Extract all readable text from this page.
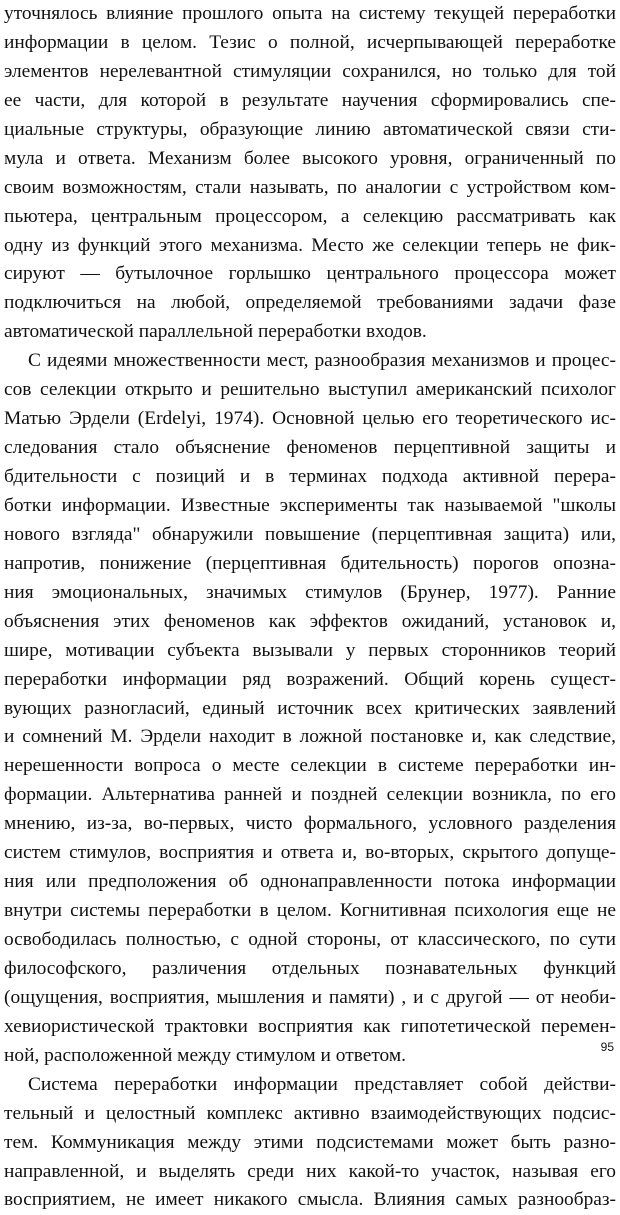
уточнялось влияние прошлого опыта на систему текущей переработки
информации в целом. Тезис о полной, исчерпывающей переработке
элементов нерелевантной стимуляции сохранился, но только для той
ее части, для которой в результате научения сформировались спе-
циальные структуры, образующие линию автоматической связи сти-
мула и ответа. Механизм более высокого уровня, ограниченный по
своим возможностям, стали называть, по аналогии с устройством ком-
пьютера, центральным процессором, а селекцию рассматривать как
одну из функций этого механизма. Место же селекции теперь не фик-
сируют — бутылочное горлышко центрального процессора может
подключиться на любой, определяемой требованиями задачи фазе
автоматической параллельной переработки входов.
С идеями множественности мест, разнообразия механизмов и процес-
сов селекции открыто и решительно выступил американский психолог
Матью Эрдели (Erdelyi, 1974). Основной целью его теоретического ис-
следования стало объяснение феноменов перцептивной защиты и
бдительности с позиций и в терминах подхода активной перера-
ботки информации. Известные эксперименты так называемой "школы
нового взгляда" обнаружили повышение (перцептивная защита) или,
напротив, понижение (перцептивная бдительность) порогов опозна-
ния эмоциональных, значимых стимулов (Брунер, 1977). Ранние
объяснения этих феноменов как эффектов ожиданий, установок и,
шире, мотивации субъекта вызывали у первых сторонников теорий
переработки информации ряд возражений. Общий корень сущест-
вующих разногласий, единый источник всех критических заявлений
и сомнений М. Эрдели находит в ложной постановке и, как следствие,
нерешенности вопроса о месте селекции в системе переработки ин-
формации. Альтернатива ранней и поздней селекции возникла, по его
мнению, из-за, во-первых, чисто формального, условного разделения
систем стимулов, восприятия и ответа и, во-вторых, скрытого допуще-
ния или предположения об однонаправленности потока информации
внутри системы переработки в целом. Когнитивная психология еще не
освободилась полностью, с одной стороны, от классического, по сути
философского, различения отдельных познавательных функций
(ощущения, восприятия, мышления и памяти) , и с другой — от необи-
хевиористической трактовки восприятия как гипотетической перемен-
ной, расположенной между стимулом и ответом.
Система переработки информации представляет собой действи-
тельный и целостный комплекс активно взаимодействующих подсис-
тем. Коммуникация между этими подсистемами может быть разно-
направленной, и выделять среди них какой-то участок, называя его
восприятием, не имеет никакого смысла. Влияния самых разнообраз-
95
